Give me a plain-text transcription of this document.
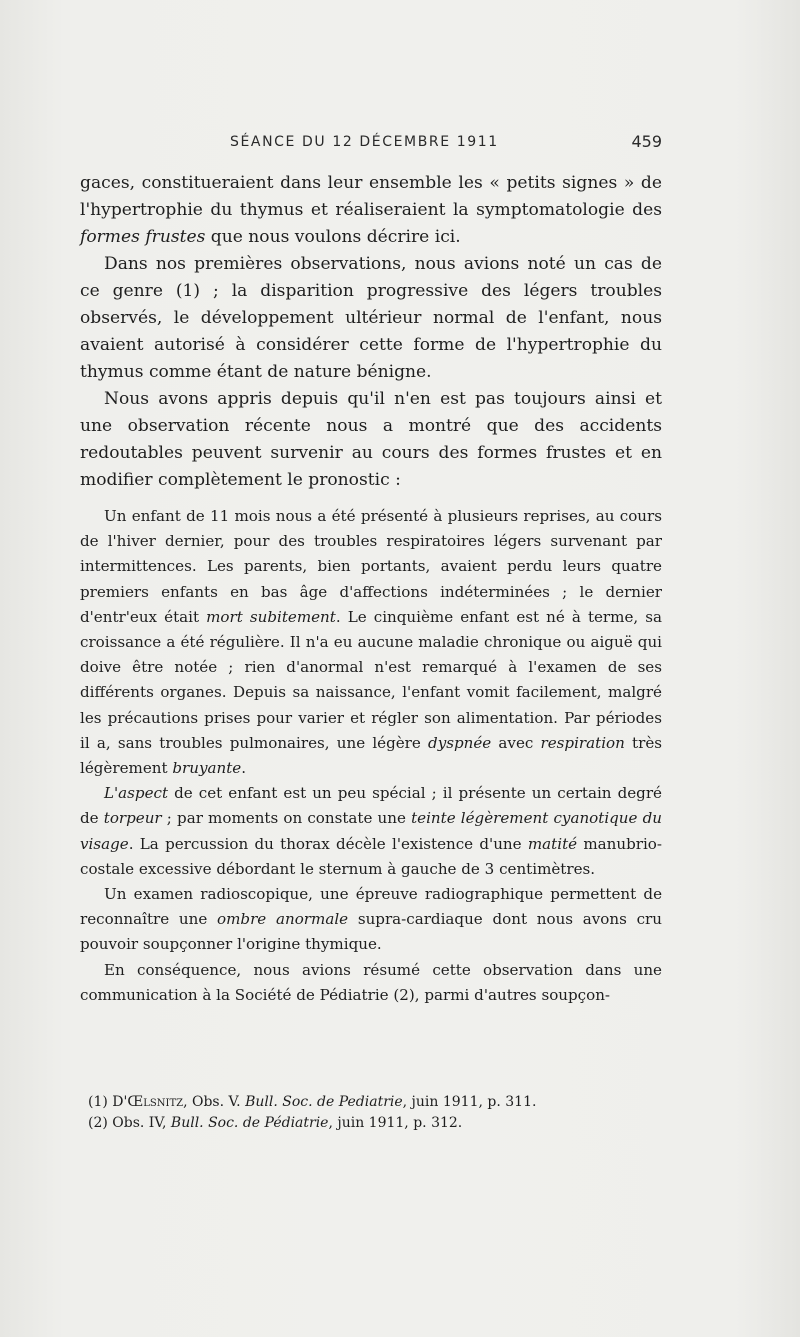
SÉANCE DU 12 DÉCEMBRE 1911	459

gaces, constitueraient dans leur ensemble les « petits signes » de l'hypertrophie du thymus et réaliseraient la symptomatologie des formes frustes que nous voulons décrire ici.

Dans nos premières observations, nous avions noté un cas de ce genre (1) ; la disparition progressive des légers troubles observés, le développement ultérieur normal de l'enfant, nous avaient autorisé à considérer cette forme de l'hypertrophie du thymus comme étant de nature bénigne.

Nous avons appris depuis qu'il n'en est pas toujours ainsi et une observation récente nous a montré que des accidents redoutables peuvent survenir au cours des formes frustes et en modifier complètement le pronostic :

Un enfant de 11 mois nous a été présenté à plusieurs reprises, au cours de l'hiver dernier, pour des troubles respiratoires légers survenant par intermittences. Les parents, bien portants, avaient perdu leurs quatre premiers enfants en bas âge d'affections indéterminées ; le dernier d'entr'eux était mort subitement. Le cinquième enfant est né à terme, sa croissance a été régulière. Il n'a eu aucune maladie chronique ou aiguë qui doive être notée ; rien d'anormal n'est remarqué à l'examen de ses différents organes. Depuis sa naissance, l'enfant vomit facilement, malgré les précautions prises pour varier et régler son alimentation. Par périodes il a, sans troubles pulmonaires, une légère dyspnée avec respiration très légèrement bruyante.

L'aspect de cet enfant est un peu spécial ; il présente un certain degré de torpeur ; par moments on constate une teinte légèrement cyanotique du visage. La percussion du thorax décèle l'existence d'une matité manubrio-costale excessive débordant le sternum à gauche de 3 centimètres.

Un examen radioscopique, une épreuve radiographique permettent de reconnaître une ombre anormale supra-cardiaque dont nous avons cru pouvoir soupçonner l'origine thymique.

En conséquence, nous avions résumé cette observation dans une communication à la Société de Pédiatrie (2), parmi d'autres soupçon-

(1) D'Œlsnitz, Obs. V. Bull. Soc. de Pediatrie, juin 1911, p. 311.

(2) Obs. IV, Bull. Soc. de Pédiatrie, juin 1911, p. 312.
